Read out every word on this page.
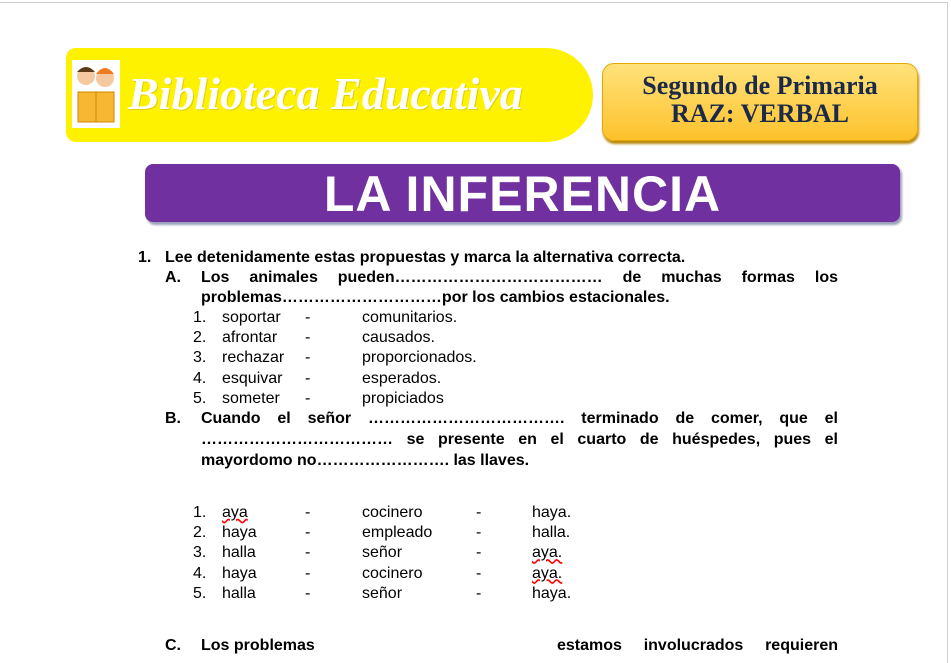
Biblioteca Educativa	Segundo de Primaria
RAZ: VERBAL
LA INFERENCIA
1. Lee detenidamente estas propuestas y marca la alternativa correcta.
A. Los animales pueden………………………………… de muchas formas los
problemas…………………………por los cambios estacionales.
1. soportar -	comunitarios.
2. afrontar -	causados.
3. rechazar -	proporcionados.
4. esquivar -	esperados.
5. someter -	propiciados
B. Cuando el señor ………………………………. terminado de comer, que el
……………………………… se presente en el cuarto de huéspedes, pues el
mayordomo no……………………. las llaves.
1. aya	-	cocinero	-	haya.
2. haya	-	empleado	-	halla.
3. halla	-	señor	-	aya.
4. haya	-	cocinero	-	aya.
5. halla	-	señor	-	haya.
C. Los problemas	estamos involucrados requieren
